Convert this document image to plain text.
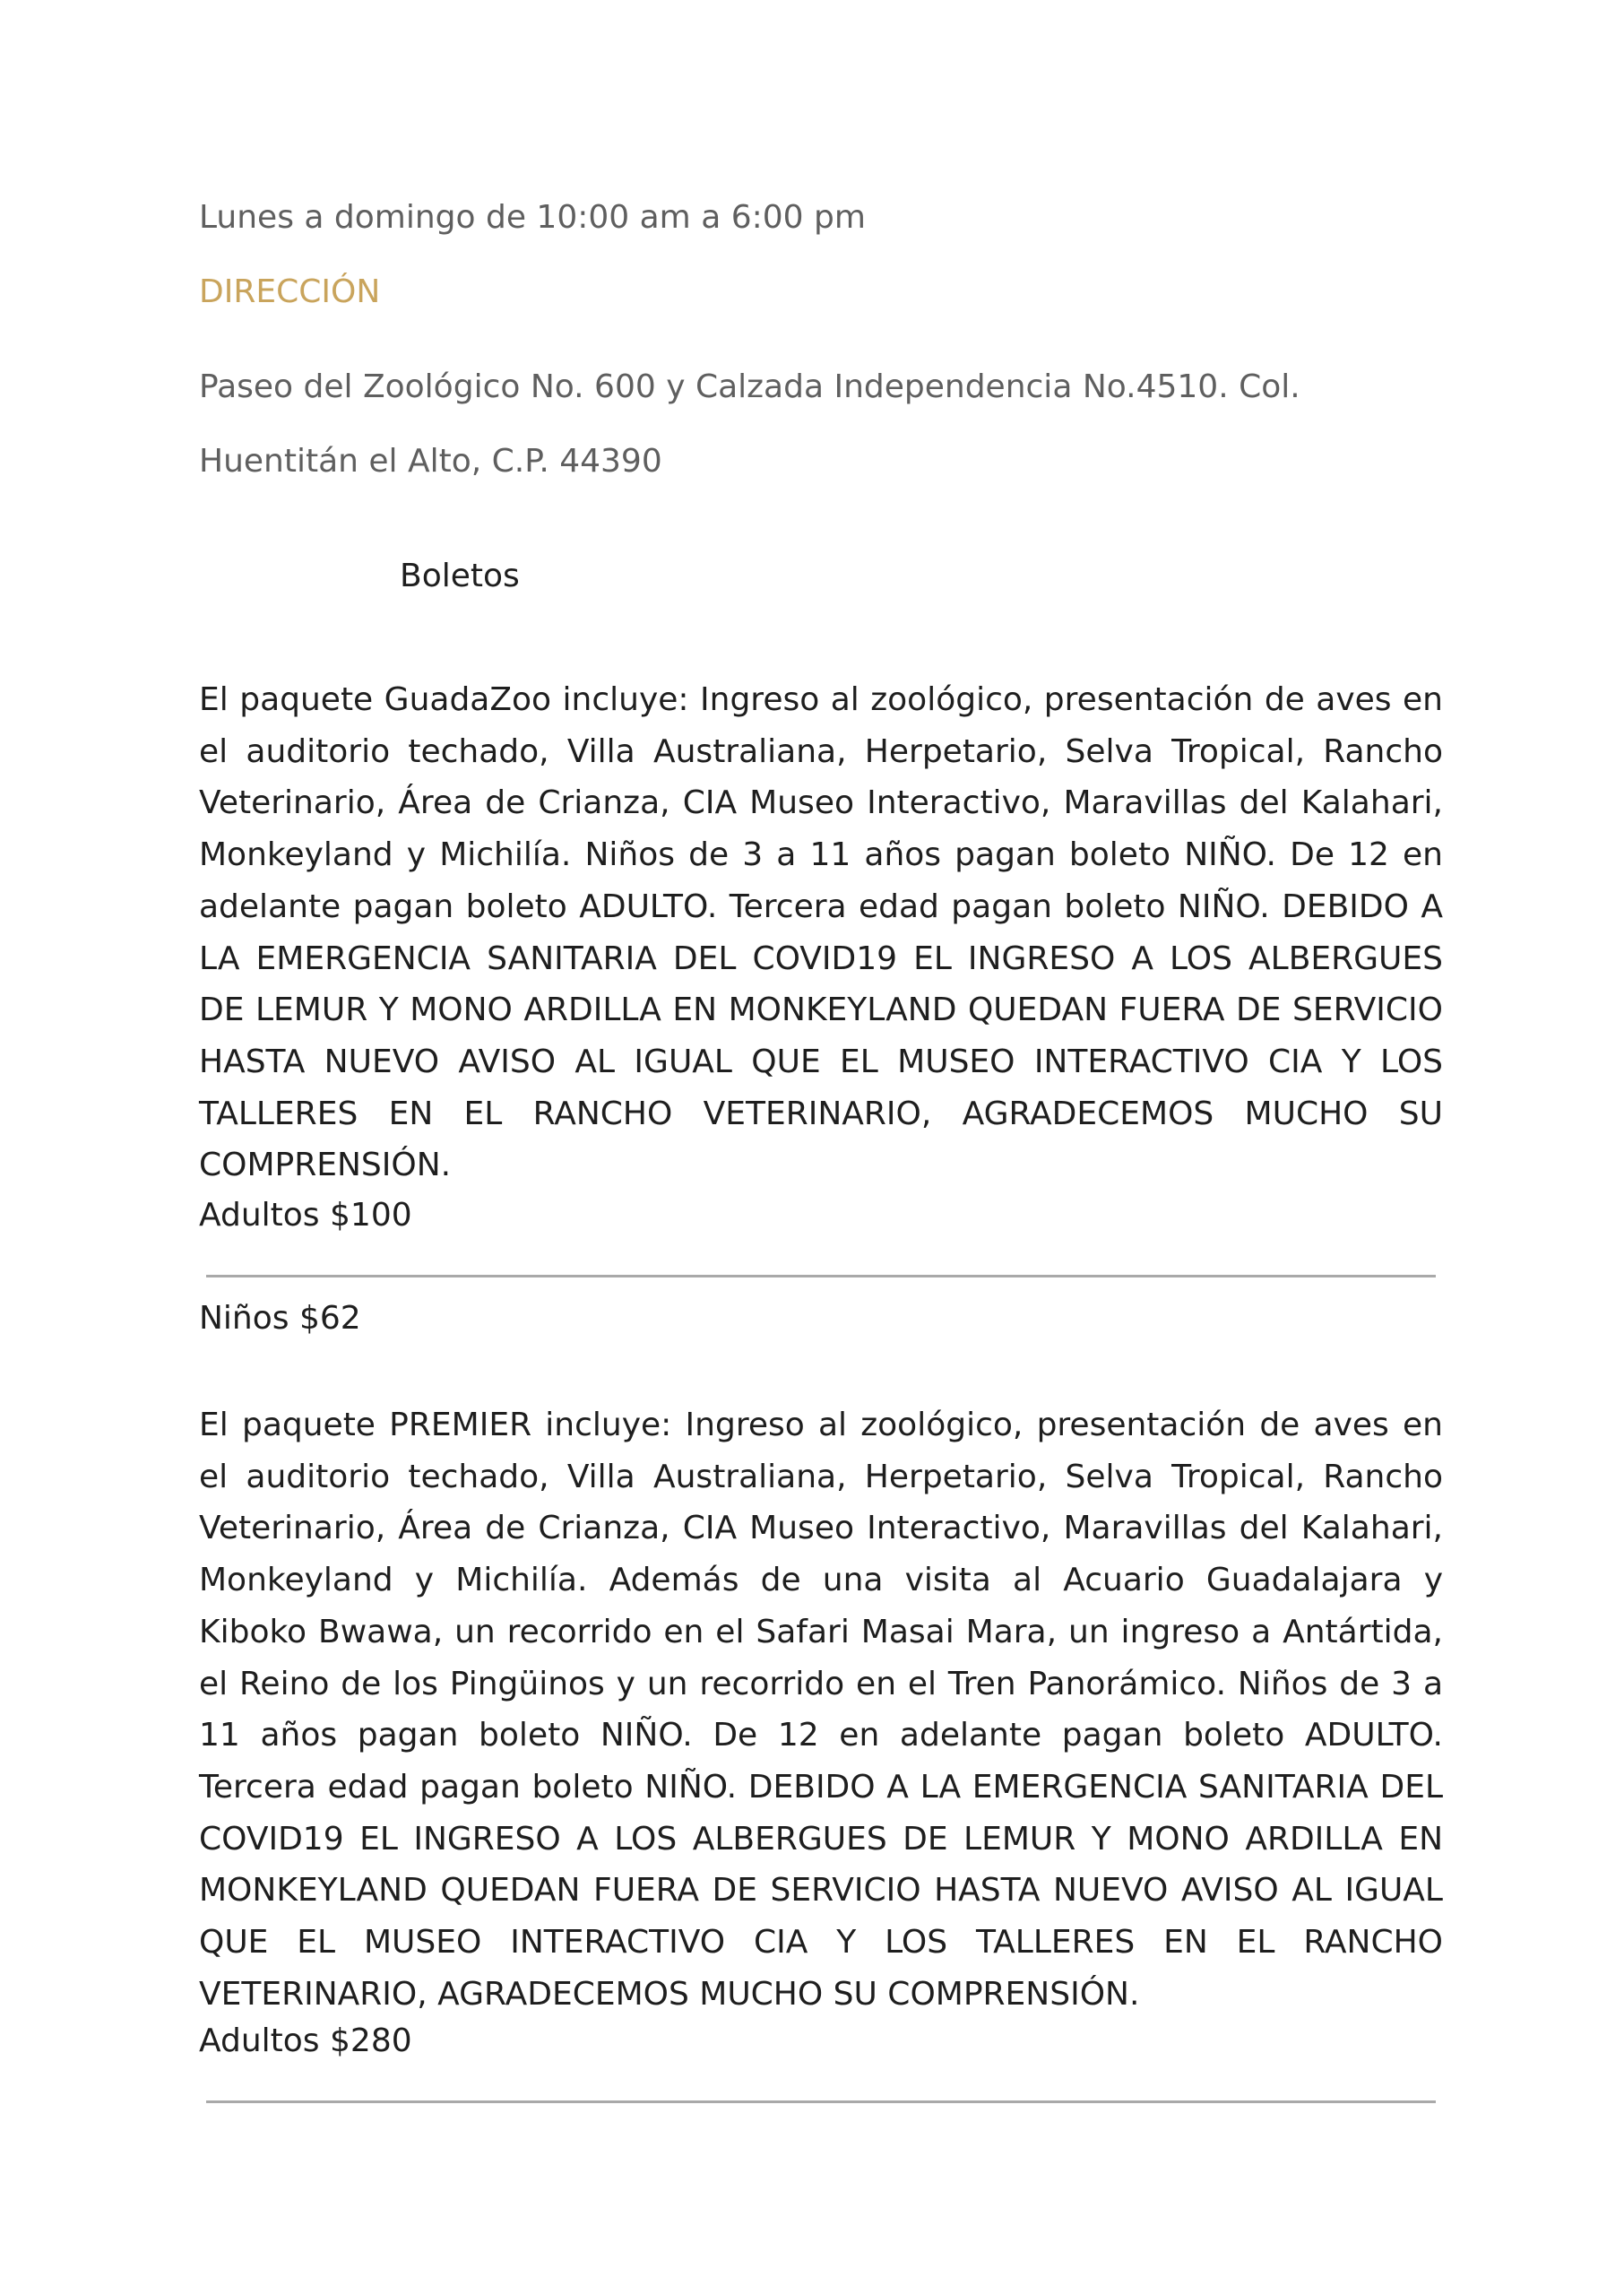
Lunes a domingo de 10:00 am a 6:00 pm
DIRECCIÓN
Paseo del Zoológico No. 600 y Calzada Independencia No.4510. Col. Huentitán el Alto, C.P. 44390
Boletos

El paquete GuadaZoo incluye: Ingreso al zoológico, presentación de aves en el auditorio techado, Villa Australiana, Herpetario, Selva Tropical, Rancho Veterinario, Área de Crianza, CIA Museo Interactivo, Maravillas del Kalahari, Monkeyland y Michilía. Niños de 3 a 11 años pagan boleto NIÑO. De 12 en adelante pagan boleto ADULTO. Tercera edad pagan boleto NIÑO. DEBIDO A LA EMERGENCIA SANITARIA DEL COVID19 EL INGRESO A LOS ALBERGUES DE LEMUR Y MONO ARDILLA EN MONKEYLAND QUEDAN FUERA DE SERVICIO HASTA NUEVO AVISO AL IGUAL QUE EL MUSEO INTERACTIVO CIA Y LOS TALLERES EN EL RANCHO VETERINARIO, AGRADECEMOS MUCHO SU COMPRENSIÓN.

Adultos $100
Niños $62

El paquete PREMIER incluye: Ingreso al zoológico, presentación de aves en el auditorio techado, Villa Australiana, Herpetario, Selva Tropical, Rancho Veterinario, Área de Crianza, CIA Museo Interactivo, Maravillas del Kalahari, Monkeyland y Michilía. Además de una visita al Acuario Guadalajara y Kiboko Bwawa, un recorrido en el Safari Masai Mara, un ingreso a Antártida, el Reino de los Pingüinos y un recorrido en el Tren Panorámico. Niños de 3 a 11 años pagan boleto NIÑO. De 12 en adelante pagan boleto ADULTO. Tercera edad pagan boleto NIÑO. DEBIDO A LA EMERGENCIA SANITARIA DEL COVID19 EL INGRESO A LOS ALBERGUES DE LEMUR Y MONO ARDILLA EN MONKEYLAND QUEDAN FUERA DE SERVICIO HASTA NUEVO AVISO AL IGUAL QUE EL MUSEO INTERACTIVO CIA Y LOS TALLERES EN EL RANCHO VETERINARIO, AGRADECEMOS MUCHO SU COMPRENSIÓN.

Adultos $280
